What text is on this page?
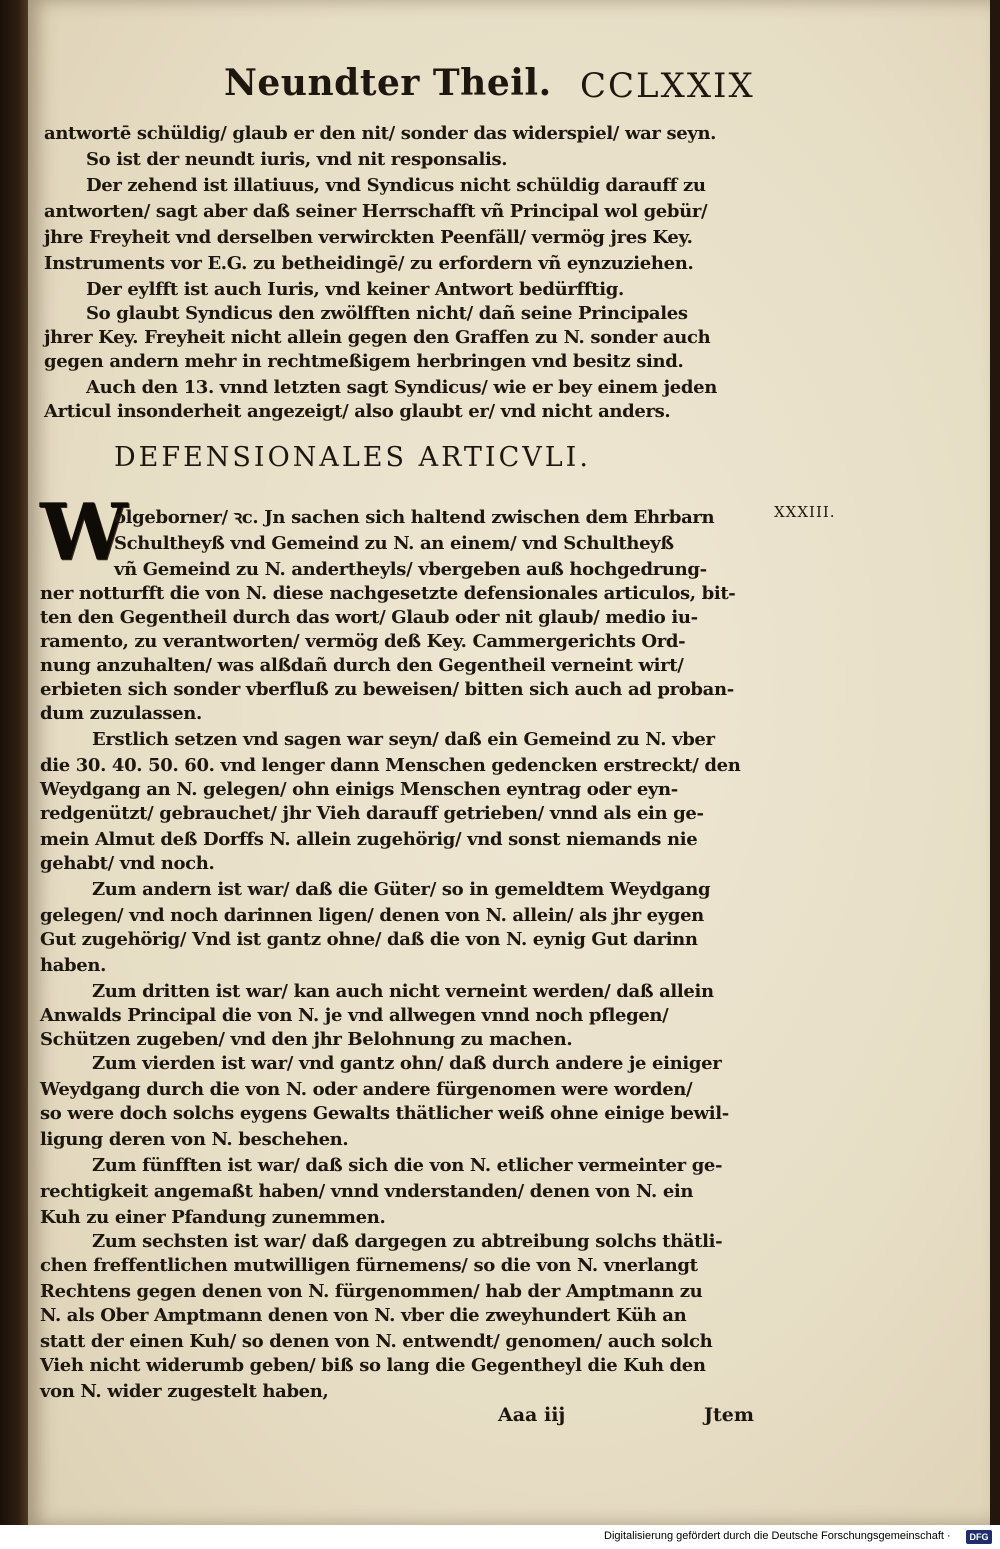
Neundter Theil. CCLXXIX
antwortē schüldig/ glaub er den nit/ sonder das widerspiel/ war seyn.
So ist der neundt iuris, vnd nit responsalis.
Der zehend ist illatiuus, vnd Syndicus nicht schüldig darauff zu
antworten/ sagt aber daß seiner Herrschafft vñ Principal wol gebür/
jhre Freyheit vnd derselben verwirckten Peenfäll/ vermög jres Key.
Instruments vor E.G. zu betheidingē/ zu erfordern vñ eynzuziehen.
Der eylfft ist auch Iuris, vnd keiner Antwort bedürfftig.
So glaubt Syndicus den zwölfften nicht/ dañ seine Principales
jhrer Key. Freyheit nicht allein gegen den Graffen zu N. sonder auch
gegen andern mehr in rechtmeßigem herbringen vnd besitz sind.
Auch den 13. vnnd letzten sagt Syndicus/ wie er bey einem jeden
Articul insonderheit angezeigt/ also glaubt er/ vnd nicht anders.
DEFENSIONALES ARTICVLI.
XXXIII.
W
olgeborner/ ꝛc. Jn sachen sich haltend zwischen dem Ehrbarn
Schultheyß vnd Gemeind zu N. an einem/ vnd Schultheyß
vñ Gemeind zu N. andertheyls/ vbergeben auß hochgedrung-
ner notturfft die von N. diese nachgesetzte defensionales articulos, bit-
ten den Gegentheil durch das wort/ Glaub oder nit glaub/ medio iu-
ramento, zu verantworten/ vermög deß Key. Cammergerichts Ord-
nung anzuhalten/ was alßdañ durch den Gegentheil verneint wirt/
erbieten sich sonder vberfluß zu beweisen/ bitten sich auch ad proban-
dum zuzulassen.
Erstlich setzen vnd sagen war seyn/ daß ein Gemeind zu N. vber
die 30. 40. 50. 60. vnd lenger dann Menschen gedencken erstreckt/ den
Weydgang an N. gelegen/ ohn einigs Menschen eyntrag oder eyn-
redgenützt/ gebrauchet/ jhr Vieh darauff getrieben/ vnnd als ein ge-
mein Almut deß Dorffs N. allein zugehörig/ vnd sonst niemands nie
gehabt/ vnd noch.
Zum andern ist war/ daß die Güter/ so in gemeldtem Weydgang
gelegen/ vnd noch darinnen ligen/ denen von N. allein/ als jhr eygen
Gut zugehörig/ Vnd ist gantz ohne/ daß die von N. eynig Gut darinn
haben.
Zum dritten ist war/ kan auch nicht verneint werden/ daß allein
Anwalds Principal die von N. je vnd allwegen vnnd noch pflegen/
Schützen zugeben/ vnd den jhr Belohnung zu machen.
Zum vierden ist war/ vnd gantz ohn/ daß durch andere je einiger
Weydgang durch die von N. oder andere fürgenomen were worden/
so were doch solchs eygens Gewalts thätlicher weiß ohne einige bewil-
ligung deren von N. beschehen.
Zum fünfften ist war/ daß sich die von N. etlicher vermeinter ge-
rechtigkeit angemaßt haben/ vnnd vnderstanden/ denen von N. ein
Kuh zu einer Pfandung zunemmen.
Zum sechsten ist war/ daß dargegen zu abtreibung solchs thätli-
chen freffentlichen mutwilligen fürnemens/ so die von N. vnerlangt
Rechtens gegen denen von N. fürgenommen/ hab der Amptmann zu
N. als Ober Amptmann denen von N. vber die zweyhundert Küh an
statt der einen Kuh/ so denen von N. entwendt/ genomen/ auch solch
Vieh nicht widerumb geben/ biß so lang die Gegentheyl die Kuh den
von N. wider zugestelt haben,
Aaa iij	Jtem
Digitalisierung gefördert durch die Deutsche Forschungsgemeinschaft ·	DFG
